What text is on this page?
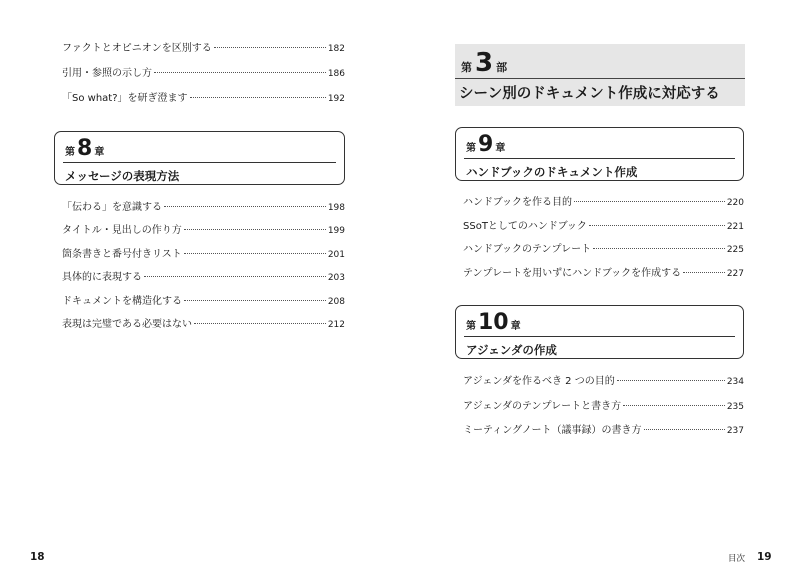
ファクトとオピニオンを区別する	182
引用・参照の示し方	186
「So what?」を研ぎ澄ます	192
第 8 章
メッセージの表現方法
「伝わる」を意識する	198
タイトル・見出しの作り方	199
箇条書きと番号付きリスト	201
具体的に表現する	203
ドキュメントを構造化する	208
表現は完璧である必要はない	212
18
第 3 部
シーン別のドキュメント作成に対応する
第 9 章
ハンドブックのドキュメント作成
ハンドブックを作る目的	220
SSoTとしてのハンドブック	221
ハンドブックのテンプレート	225
テンプレートを用いずにハンドブックを作成する	227
第 10 章
アジェンダの作成
アジェンダを作るべき 2 つの目的	234
アジェンダのテンプレートと書き方	235
ミーティングノート（議事録）の書き方	237
目次 19
